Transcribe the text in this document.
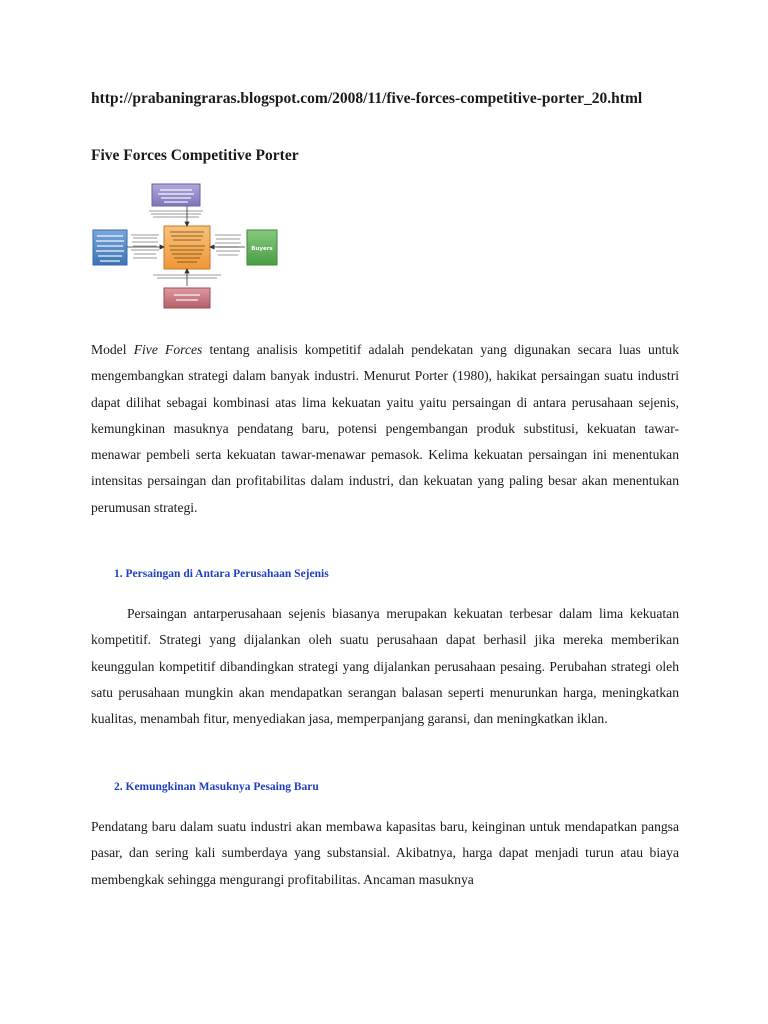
http://prabaningraras.blogspot.com/2008/11/five-forces-competitive-porter_20.html
Five Forces Competitive Porter
Buyers

Model Five Forces tentang analisis kompetitif adalah pendekatan yang digunakan secara luas untuk mengembangkan strategi dalam banyak industri. Menurut Porter (1980), hakikat persaingan suatu industri dapat dilihat sebagai kombinasi atas lima kekuatan yaitu yaitu persaingan di antara perusahaan sejenis, kemungkinan masuknya pendatang baru, potensi pengembangan produk substitusi, kekuatan tawar-menawar pembeli serta kekuatan tawar-menawar pemasok. Kelima kekuatan persaingan ini menentukan intensitas persaingan dan profitabilitas dalam industri, dan kekuatan yang paling besar akan menentukan perumusan strategi.

1. Persaingan di Antara Perusahaan Sejenis

Persaingan antarperusahaan sejenis biasanya merupakan kekuatan terbesar dalam lima kekuatan kompetitif. Strategi yang dijalankan oleh suatu perusahaan dapat berhasil jika mereka memberikan keunggulan kompetitif dibandingkan strategi yang dijalankan perusahaan pesaing. Perubahan strategi oleh satu perusahaan mungkin akan mendapatkan serangan balasan seperti menurunkan harga, meningkatkan kualitas, menambah fitur, menyediakan jasa, memperpanjang garansi, dan meningkatkan iklan.

2. Kemungkinan Masuknya Pesaing Baru

Pendatang baru dalam suatu industri akan membawa kapasitas baru, keinginan untuk mendapatkan pangsa pasar, dan sering kali sumberdaya yang substansial. Akibatnya, harga dapat menjadi turun atau biaya membengkak sehingga mengurangi profitabilitas. Ancaman masuknya
